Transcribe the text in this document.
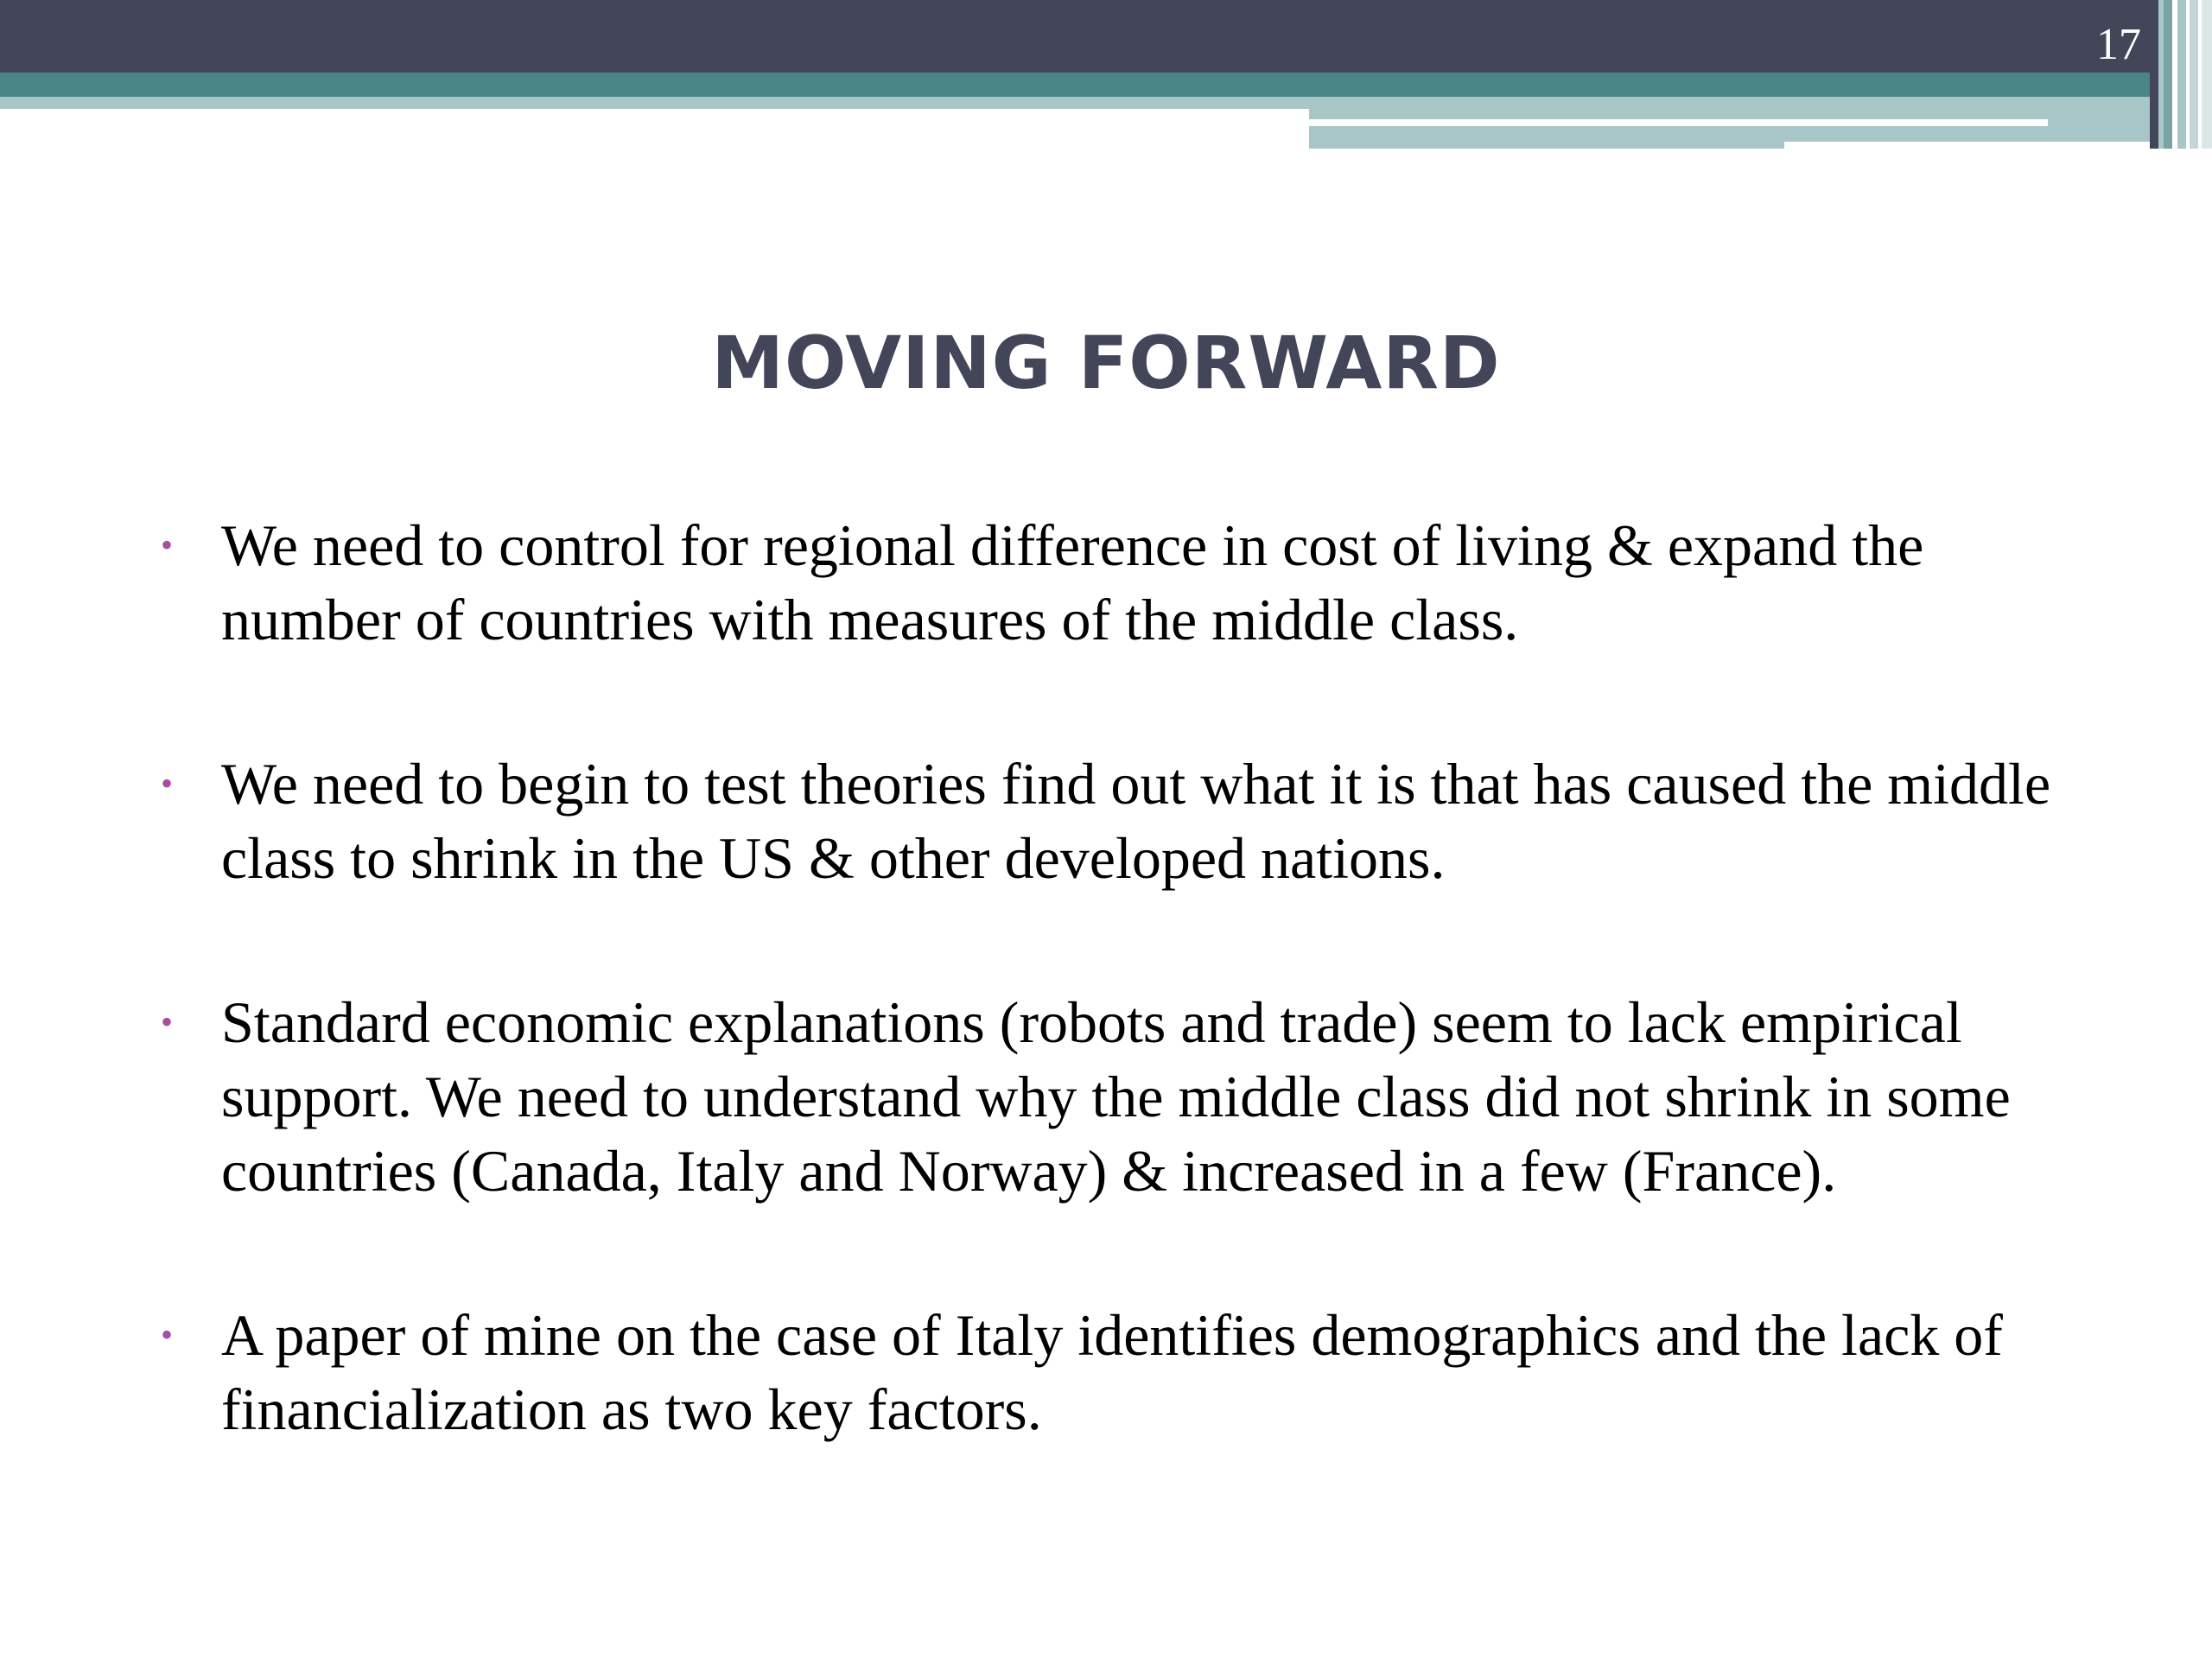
17
MOVING FORWARD
• We need to control for regional difference in cost of living & expand the number of countries with measures of the middle class.
• We need to begin to test theories find out what it is that has caused the middle class to shrink in the US & other developed nations.
• Standard economic explanations (robots and trade) seem to lack empirical support. We need to understand why the middle class did not shrink in some countries (Canada, Italy and Norway) & increased in a few (France).
• A paper of mine on the case of Italy identifies demographics and the lack of financialization as two key factors.
